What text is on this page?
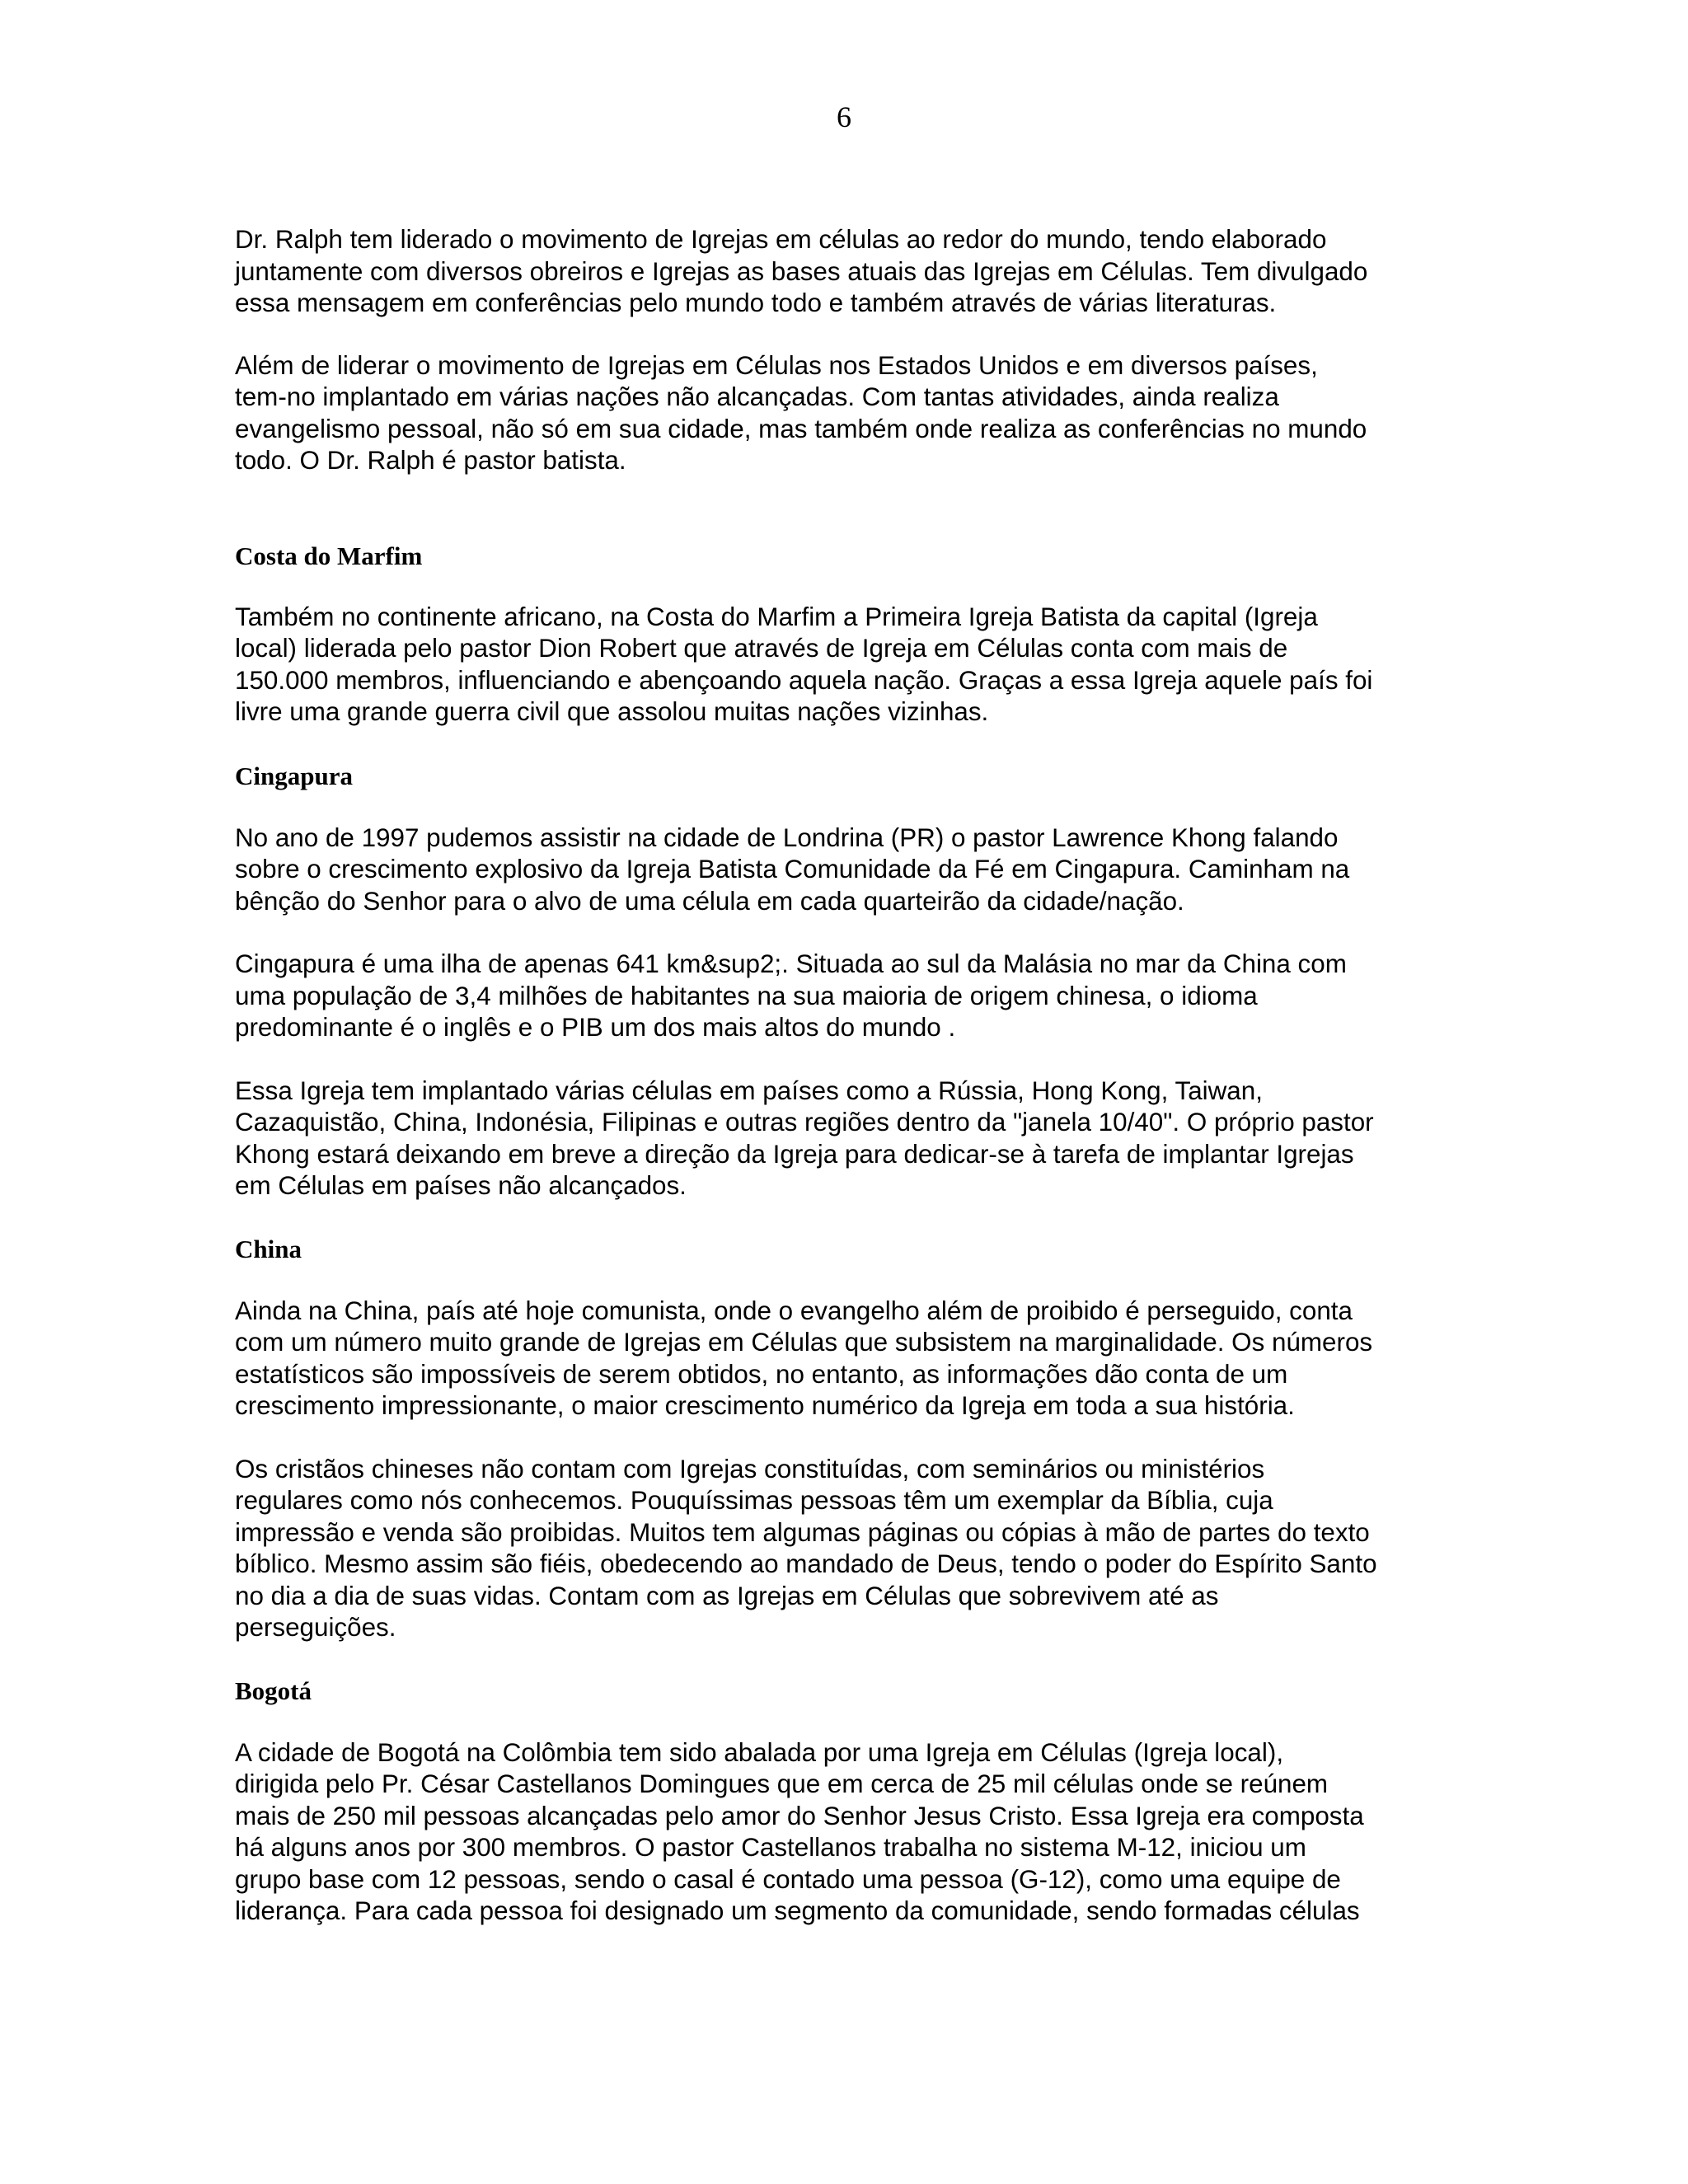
6

Dr. Ralph tem liderado o movimento de Igrejas em células ao redor do mundo, tendo elaborado
juntamente com diversos obreiros e Igrejas as bases atuais das Igrejas em Células. Tem divulgado
essa mensagem em conferências pelo mundo todo e também através de várias literaturas.

Além de liderar o movimento de Igrejas em Células nos Estados Unidos e em diversos países,
tem-no implantado em várias nações não alcançadas. Com tantas atividades, ainda realiza
evangelismo pessoal, não só em sua cidade, mas também onde realiza as conferências no mundo
todo. O Dr. Ralph é pastor batista.

Costa do Marfim

Também no continente africano, na Costa do Marfim a Primeira Igreja Batista da capital (Igreja
local) liderada pelo pastor Dion Robert que através de Igreja em Células conta com mais de
150.000 membros, influenciando e abençoando aquela nação. Graças a essa Igreja aquele país foi
livre uma grande guerra civil que assolou muitas nações vizinhas.

Cingapura

No ano de 1997 pudemos assistir na cidade de Londrina (PR) o pastor Lawrence Khong falando
sobre o crescimento explosivo da Igreja Batista Comunidade da Fé em Cingapura. Caminham na
bênção do Senhor para o alvo de uma célula em cada quarteirão da cidade/nação.

Cingapura é uma ilha de apenas 641 km&sup2;. Situada ao sul da Malásia no mar da China com
uma população de 3,4 milhões de habitantes na sua maioria de origem chinesa, o idioma
predominante é o inglês e o PIB um dos mais altos do mundo .

Essa Igreja tem implantado várias células em países como a Rússia, Hong Kong, Taiwan,
Cazaquistão, China, Indonésia, Filipinas e outras regiões dentro da "janela 10/40". O próprio pastor
Khong estará deixando em breve a direção da Igreja para dedicar-se à tarefa de implantar Igrejas
em Células em países não alcançados.

China

Ainda na China, país até hoje comunista, onde o evangelho além de proibido é perseguido, conta
com um número muito grande de Igrejas em Células que subsistem na marginalidade. Os números
estatísticos são impossíveis de serem obtidos, no entanto, as informações dão conta de um
crescimento impressionante, o maior crescimento numérico da Igreja em toda a sua história.

Os cristãos chineses não contam com Igrejas constituídas, com seminários ou ministérios
regulares como nós conhecemos. Pouquíssimas pessoas têm um exemplar da Bíblia, cuja
impressão e venda são proibidas. Muitos tem algumas páginas ou cópias à mão de partes do texto
bíblico. Mesmo assim são fiéis, obedecendo ao mandado de Deus, tendo o poder do Espírito Santo
no dia a dia de suas vidas. Contam com as Igrejas em Células que sobrevivem até as
perseguições.

Bogotá

A cidade de Bogotá na Colômbia tem sido abalada por uma Igreja em Células (Igreja local),
dirigida pelo Pr. César Castellanos Domingues que em cerca de 25 mil células onde se reúnem
mais de 250 mil pessoas alcançadas pelo amor do Senhor Jesus Cristo. Essa Igreja era composta
há alguns anos por 300 membros. O pastor Castellanos trabalha no sistema M-12, iniciou um
grupo base com 12 pessoas, sendo o casal é contado uma pessoa (G-12), como uma equipe de
liderança. Para cada pessoa foi designado um segmento da comunidade, sendo formadas células
